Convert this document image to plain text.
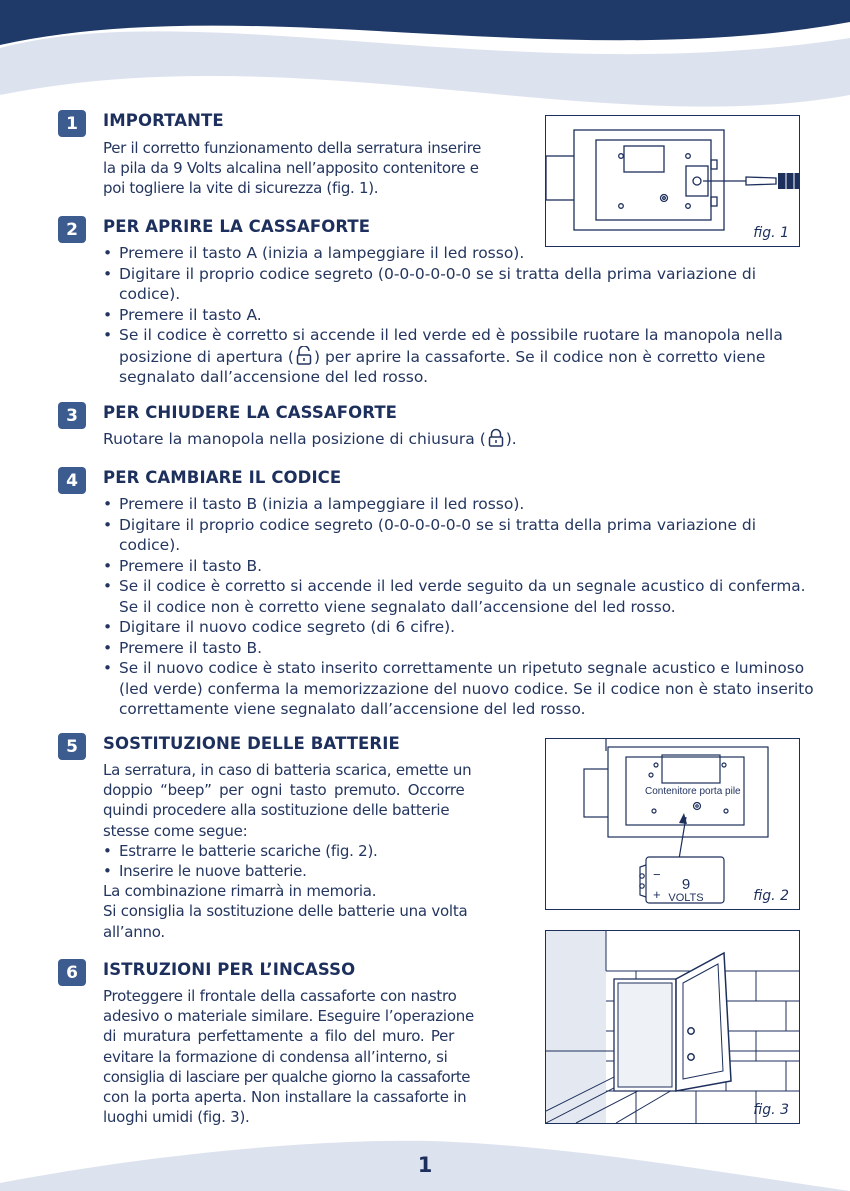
1	IMPORTANTE

Per il corretto funzionamento della serratura inserire

la pila da 9 Volts alcalina nell’apposito contenitore e

poi togliere la vite di sicurezza (fig. 1).

fig. 1
2	PER APRIRE LA CASSAFORTE
• Premere il tasto A (inizia a lampeggiare il led rosso).
• Digitare il proprio codice segreto (0-0-0-0-0-0 se si tratta della prima variazione di codice).
• Premere il tasto A.
• Se il codice è corretto si accende il led verde ed è possibile ruotare la manopola nella posizione di apertura ( ) per aprire la cassaforte. Se il codice non è corretto viene segnalato dall’accensione del led rosso.
3	PER CHIUDERE LA CASSAFORTE

Ruotare la manopola nella posizione di chiusura ( ).

4	PER CAMBIARE IL CODICE
• Premere il tasto B (inizia a lampeggiare il led rosso).
• Digitare il proprio codice segreto (0-0-0-0-0-0 se si tratta della prima variazione di codice).
• Premere il tasto B.
• Se il codice è corretto si accende il led verde seguito da un segnale acustico di conferma. Se il codice non è corretto viene segnalato dall’accensione del led rosso.
• Digitare il nuovo codice segreto (di 6 cifre).
• Premere il tasto B.
• Se il nuovo codice è stato inserito correttamente un ripetuto segnale acustico e luminoso (led verde) conferma la memorizzazione del nuovo codice. Se il codice non è stato inserito correttamente viene segnalato dall’accensione del led rosso.
5	SOSTITUZIONE DELLE BATTERIE

La serratura, in caso di batteria scarica, emette un

doppio “beep” per ogni tasto premuto. Occorre

quindi procedere alla sostituzione delle batterie

stesse come segue:

• Estrarre le batterie scariche (fig. 2).
• Inserire le nuove batterie.

La combinazione rimarrà in memoria.

Si consiglia la sostituzione delle batterie una volta

all’anno.

Contenitore porta pile
−
+
9
VOLTS	fig. 2
6	ISTRUZIONI PER L’INCASSO

Proteggere il frontale della cassaforte con nastro

adesivo o materiale similare. Eseguire l’operazione

di muratura perfettamente a filo del muro. Per

evitare la formazione di condensa all’interno, si

consiglia di lasciare per qualche giorno la cassaforte

con la porta aperta. Non installare la cassaforte in

luoghi umidi (fig. 3).	fig. 3
1
